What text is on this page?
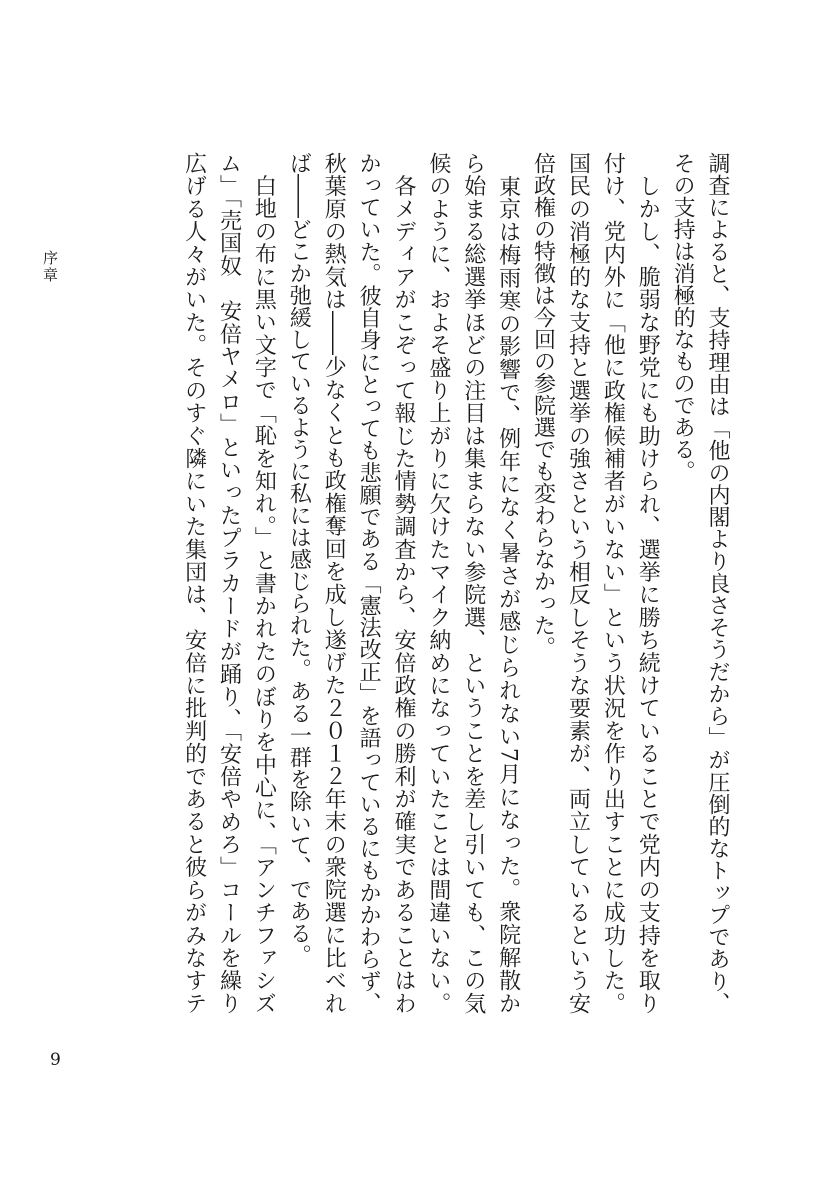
序章	調査によると、支持理由は「他の内閣より良さそうだから」が圧倒的なトップであり、
その支持は消極的なものである。
　しかし、脆弱な野党にも助けられ、選挙に勝ち続けていることで党内の支持を取り
付け、党内外に「他に政権候補者がいない」という状況を作り出すことに成功した。
国民の消極的な支持と選挙の強さという相反しそうな要素が、両立しているという安
倍政権の特徴は今回の参院選でも変わらなかった。
　東京は梅雨寒の影響で、例年になく暑さが感じられない7月になった。衆院解散か
ら始まる総選挙ほどの注目は集まらない参院選、ということを差し引いても、この気
候のように、およそ盛り上がりに欠けたマイク納めになっていたことは間違いない。
　各メディアがこぞって報じた情勢調査から、安倍政権の勝利が確実であることはわ
かっていた。彼自身にとっても悲願である「憲法改正」を語っているにもかかわらず、
秋葉原の熱気は――少なくとも政権奪回を成し遂げた２０１２年末の衆院選に比べれ
ば――どこか弛緩しているように私には感じられた。ある一群を除いて、である。
　白地の布に黒い文字で「恥を知れ。」と書かれたのぼりを中心に、「アンチファシズ
ム」「売国奴　安倍ヤメロ」といったプラカードが踊り、「安倍やめろ」コールを繰り
広げる人々がいた。そのすぐ隣にいた集団は、安倍に批判的であると彼らがみなすテ
9
